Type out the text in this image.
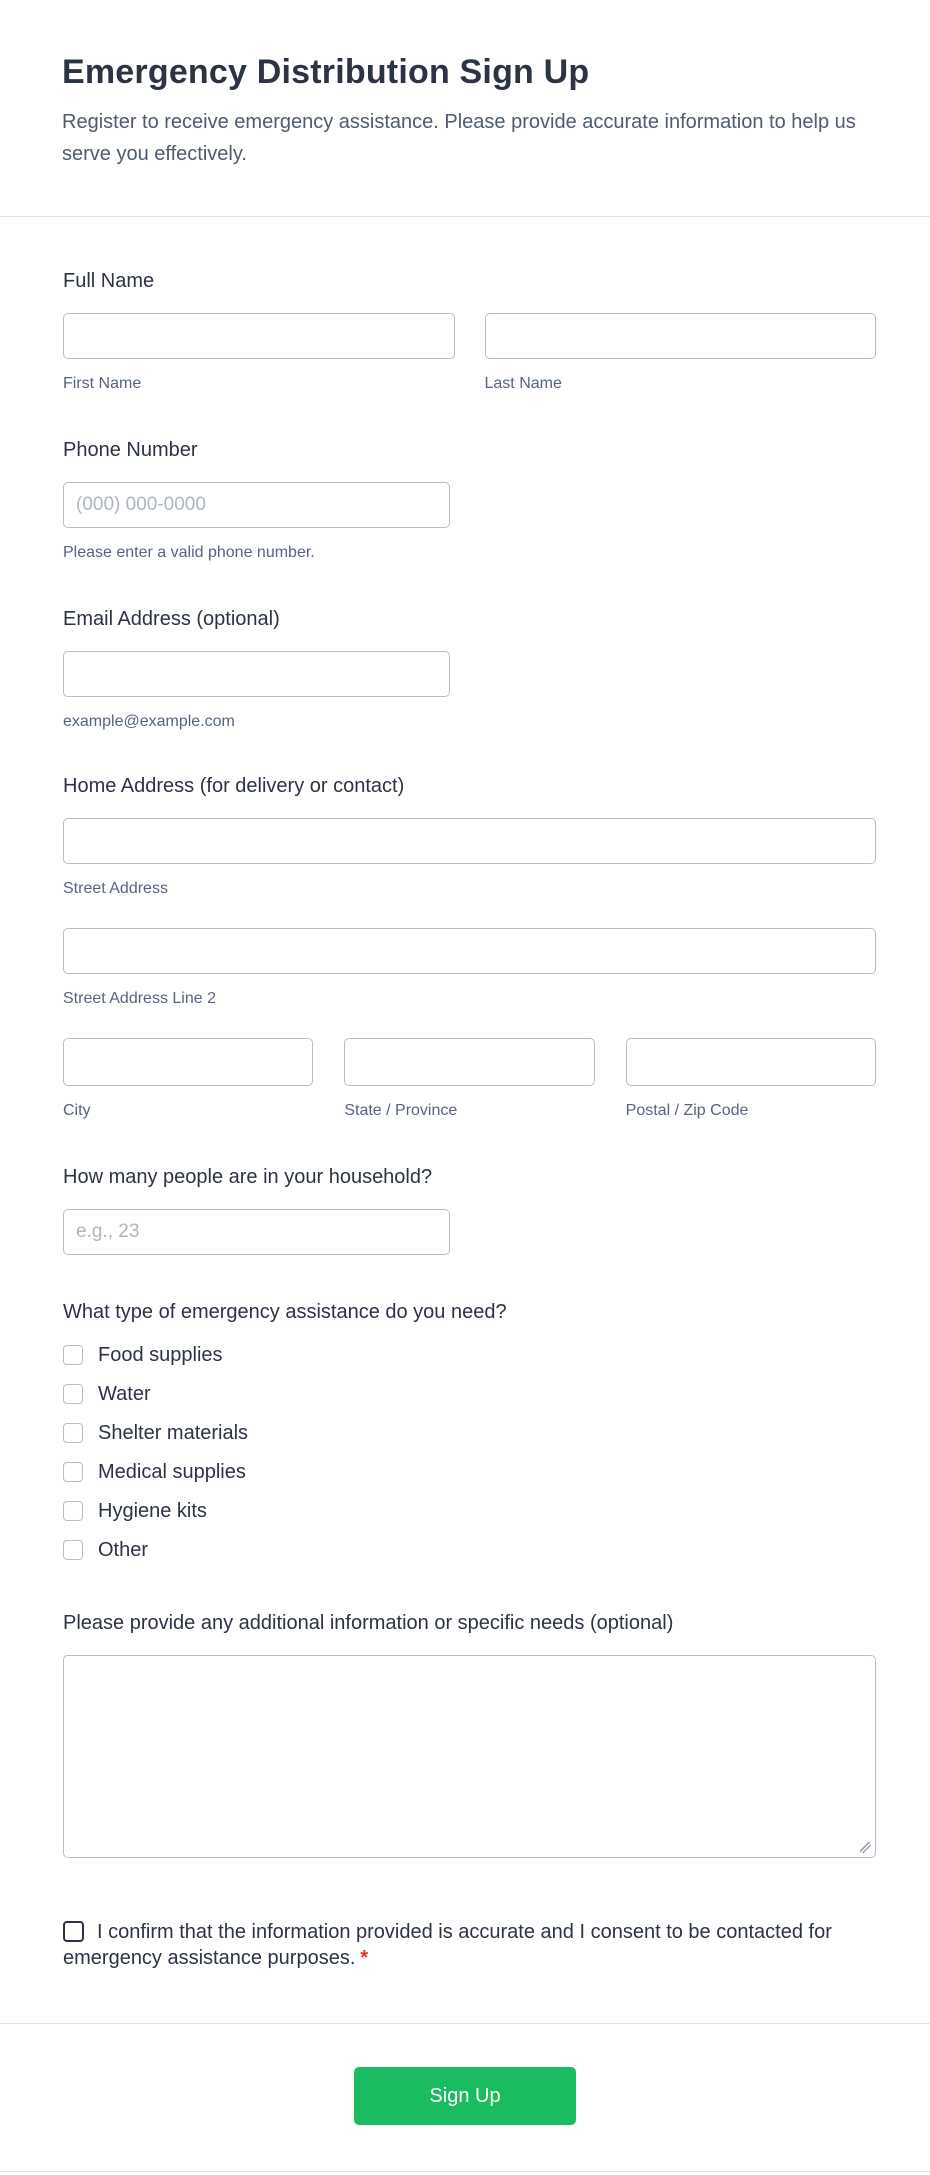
Emergency Distribution Sign Up

Register to receive emergency assistance. Please provide accurate information to help us serve you effectively.

Full Name
First Name	Last Name
Phone Number
(000) 000-0000
Please enter a valid phone number.
Email Address (optional)
example@example.com
Home Address (for delivery or contact)
Street Address
Street Address Line 2
City	State / Province	Postal / Zip Code
How many people are in your household?
e.g., 23
What type of emergency assistance do you need?
Food supplies
Water
Shelter materials
Medical supplies
Hygiene kits
Other
Please provide any additional information or specific needs (optional)

I confirm that the information provided is accurate and I consent to be contacted for emergency assistance purposes. *

Sign Up
